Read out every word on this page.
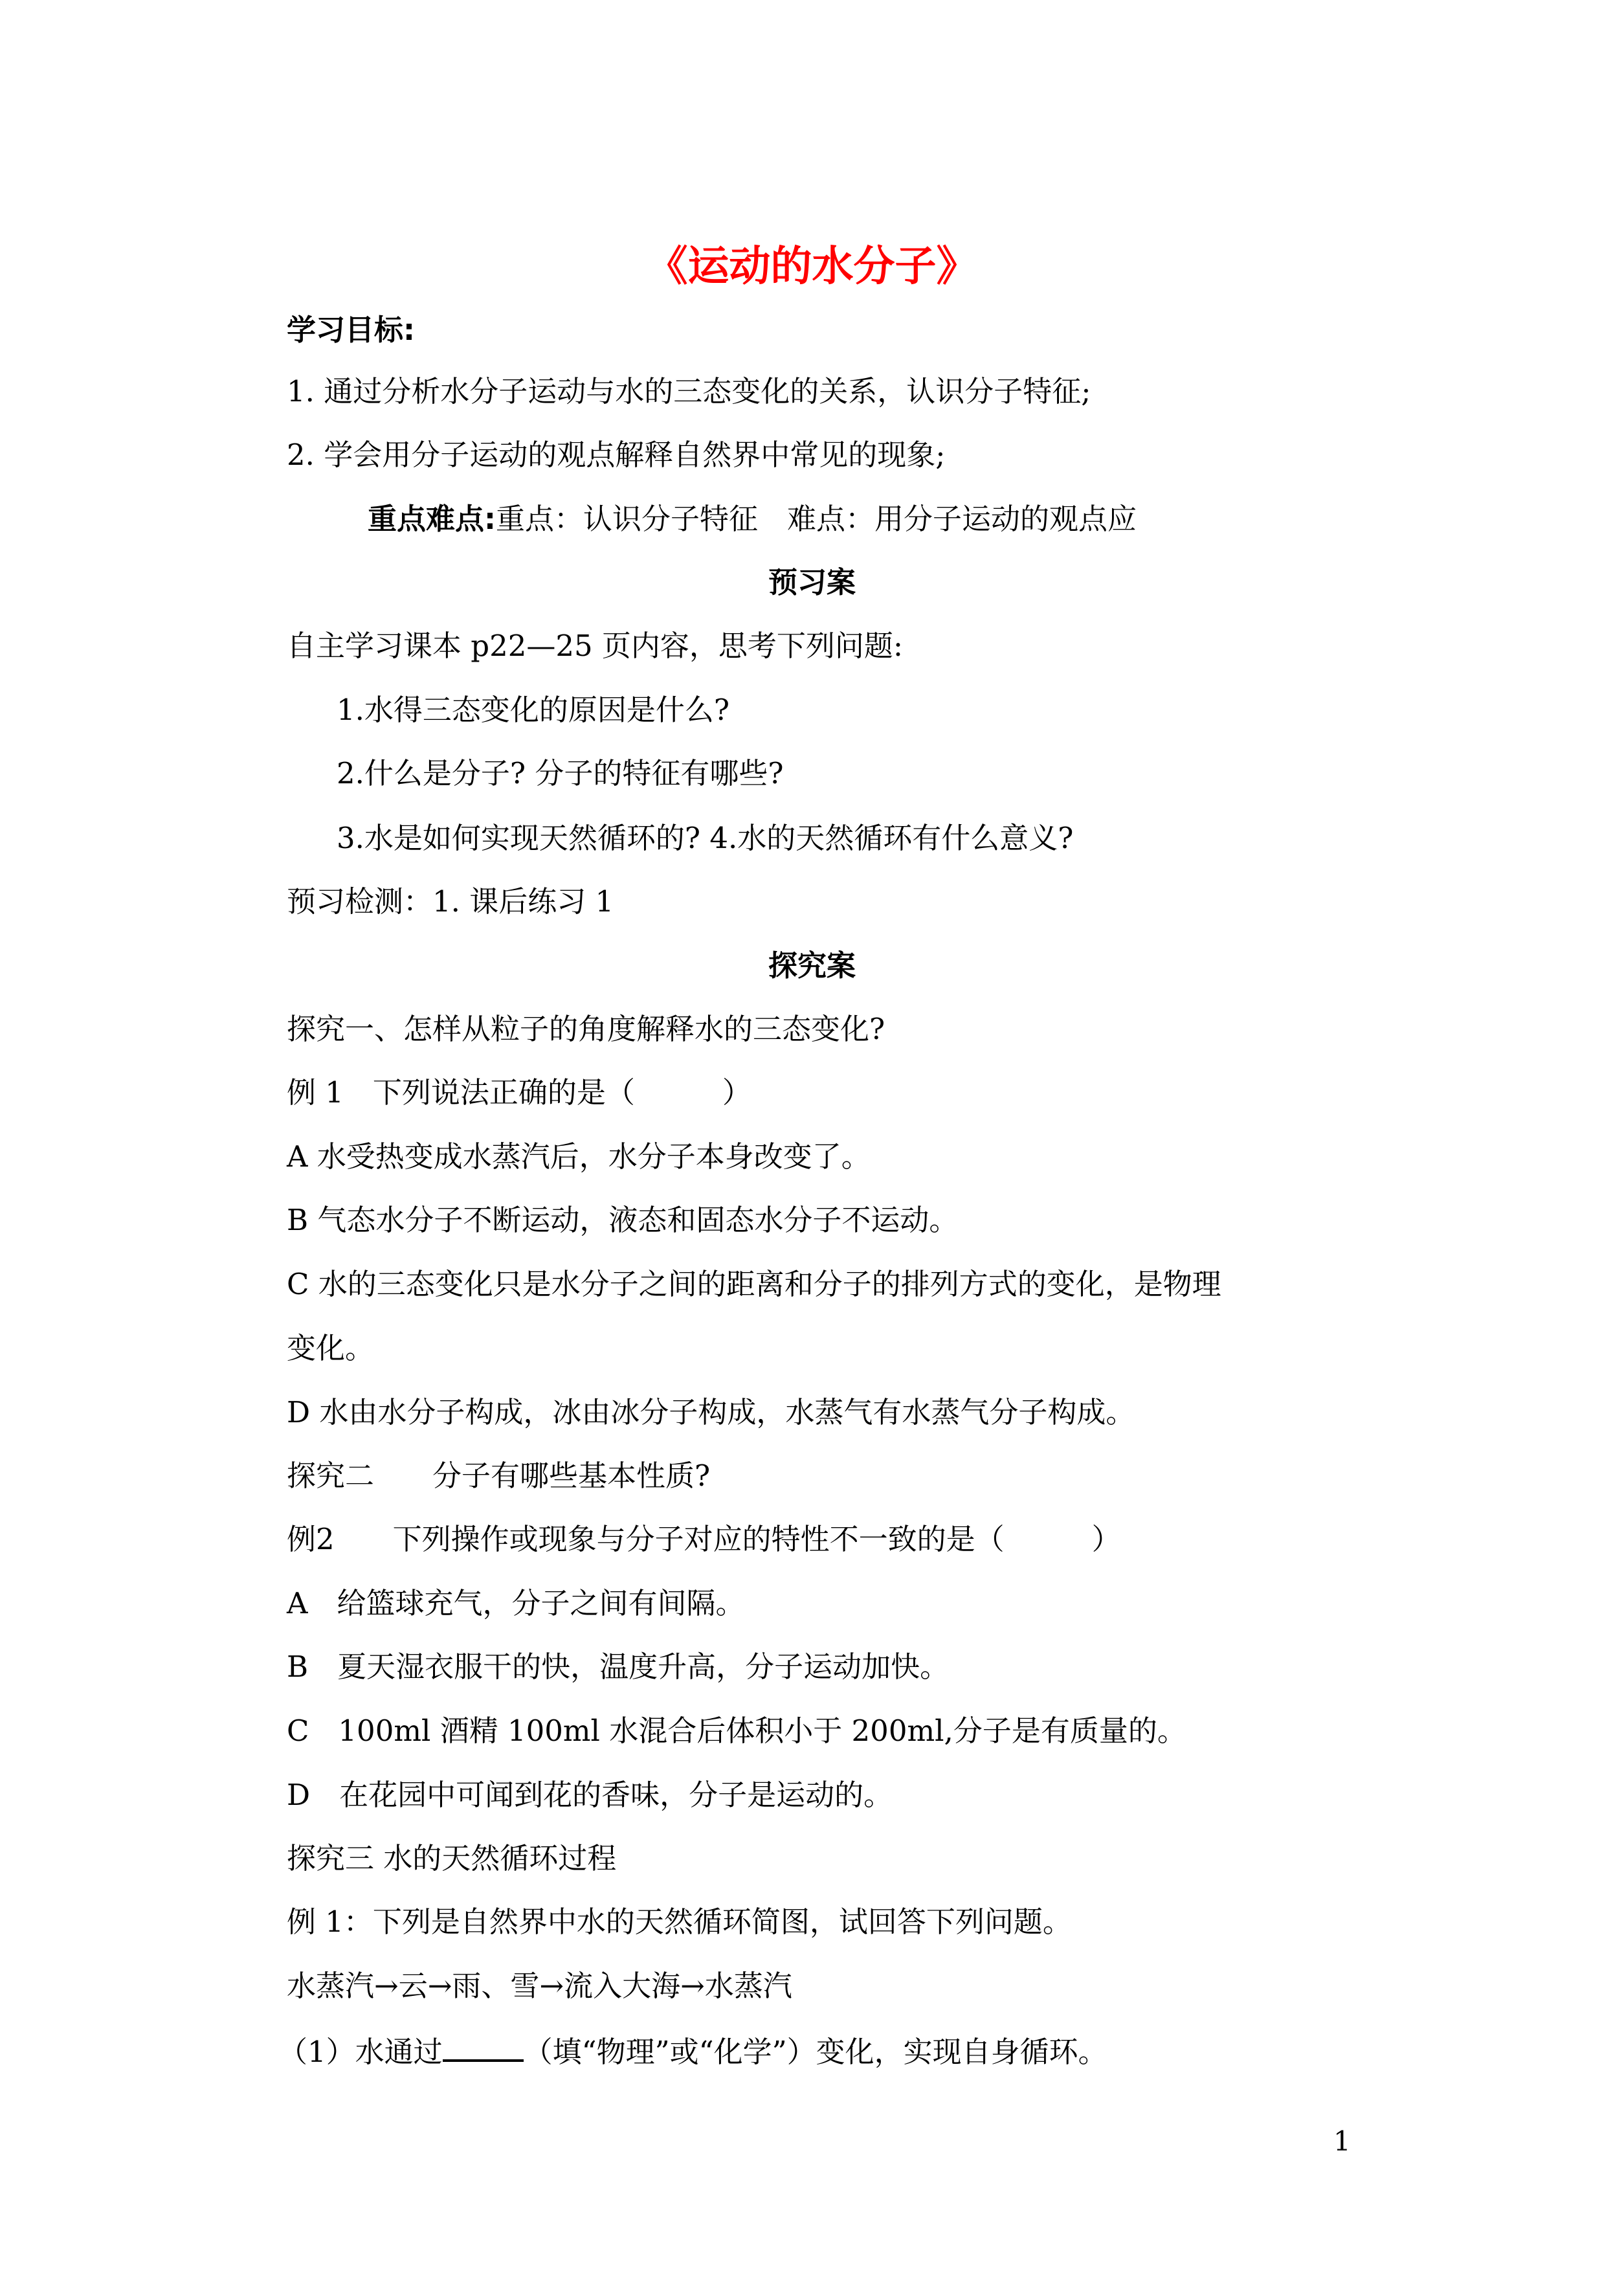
《运动的水分子》
学习目标:
1. 通过分析水分子运动与水的三态变化的关系，认识分子特征;
2. 学会用分子运动的观点解释自然界中常见的现象;
重点难点:重点：认识分子特征　难点：用分子运动的观点应
预习案
自主学习课本 p22—25 页内容，思考下列问题:
1.水得三态变化的原因是什么?
2.什么是分子? 分子的特征有哪些?
3.水是如何实现天然循环的? 4.水的天然循环有什么意义?
预习检测：1. 课后练习 1
探究案
探究一、怎样从粒子的角度解释水的三态变化?
例 1　下列说法正确的是（　　　）
A 水受热变成水蒸汽后，水分子本身改变了。
B 气态水分子不断运动，液态和固态水分子不运动。
C 水的三态变化只是水分子之间的距离和分子的排列方式的变化，是物理
变化。
D 水由水分子构成，冰由冰分子构成，水蒸气有水蒸气分子构成。
探究二　　分子有哪些基本性质?
例2　　下列操作或现象与分子对应的特性不一致的是（　　　）
A　给篮球充气，分子之间有间隔。
B　夏天湿衣服干的快，温度升高，分子运动加快。
C　100ml 酒精 100ml 水混合后体积小于 200ml,分子是有质量的。
D　在花园中可闻到花的香味，分子是运动的。
探究三 水的天然循环过程
例 1：下列是自然界中水的天然循环简图，试回答下列问题。
水蒸汽→云→雨、雪→流入大海→水蒸汽
（1）水通过	（填“物理”或“化学”）变化，实现自身循环。
1
